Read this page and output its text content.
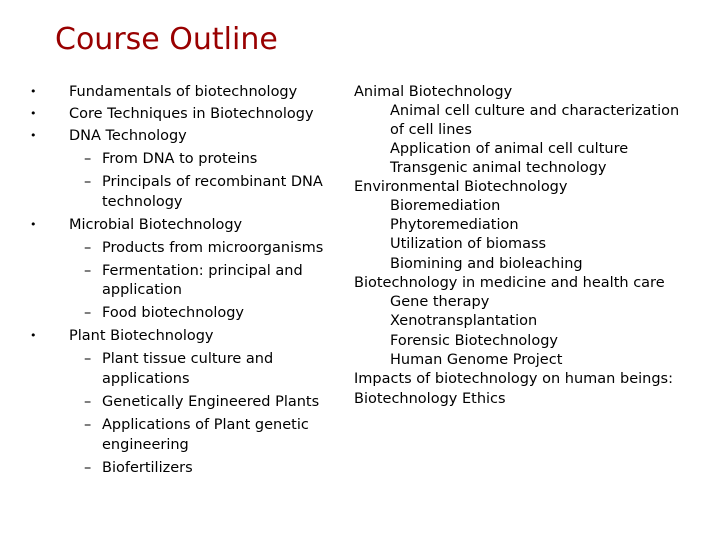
Course Outline
• Fundamentals of biotechnology
• Core Techniques in Biotechnology
• DNA Technology
– From DNA to proteins
– Principals of recombinant DNA
technology
• Microbial Biotechnology
– Products from microorganisms
– Fermentation: principal and
application
– Food biotechnology
• Plant Biotechnology
– Plant tissue culture and
applications
– Genetically Engineered Plants
– Applications of Plant genetic
engineering
– Biofertilizers
Animal Biotechnology
Animal cell culture and characterization
of cell lines
Application of animal cell culture
Transgenic animal technology
Environmental Biotechnology
Bioremediation
Phytoremediation
Utilization of biomass
Biomining and bioleaching
Biotechnology in medicine and health care
Gene therapy
Xenotransplantation
Forensic Biotechnology
Human Genome Project
Impacts of biotechnology on human beings:
Biotechnology Ethics
